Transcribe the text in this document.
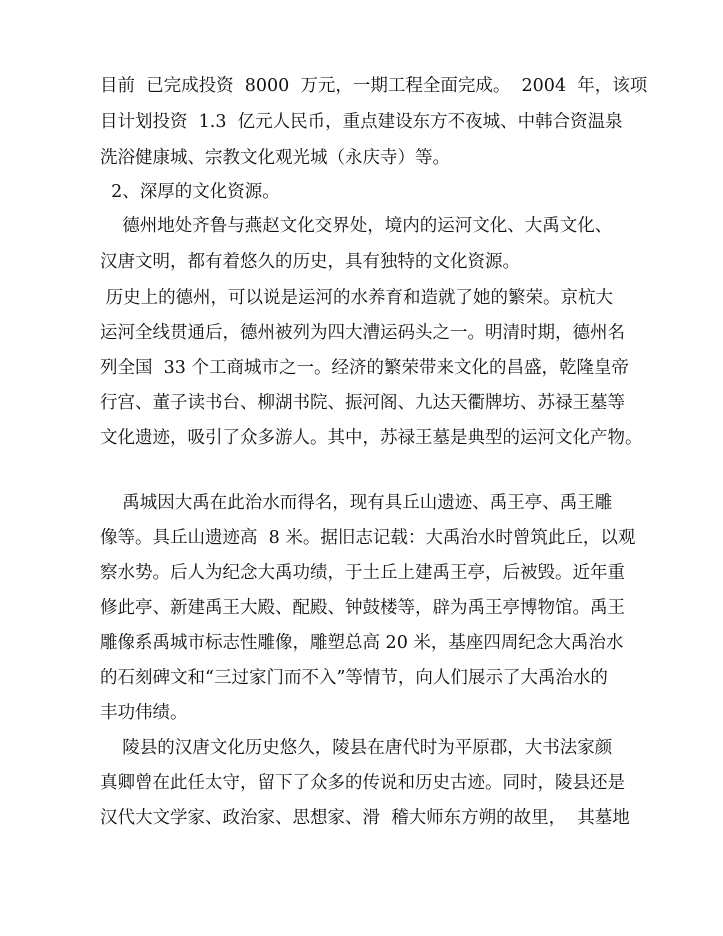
目前  已完成投资  8000  万元，一期工程全面完成。  2004  年，该项
目计划投资  1.3  亿元人民币，重点建设东方不夜城、中韩合资温泉
洗浴健康城、宗教文化观光城（永庆寺）等。
2、深厚的文化资源。
德州地处齐鲁与燕赵文化交界处，境内的运河文化、大禹文化、
汉唐文明，都有着悠久的历史，具有独特的文化资源。
历史上的德州，可以说是运河的水养育和造就了她的繁荣。京杭大
运河全线贯通后，德州被列为四大漕运码头之一。明清时期，德州名
列全国  33 个工商城市之一。经济的繁荣带来文化的昌盛，乾隆皇帝
行宫、董子读书台、柳湖书院、振河阁、九达天衢牌坊、苏禄王墓等
文化遗迹，吸引了众多游人。其中，苏禄王墓是典型的运河文化产物。
禹城因大禹在此治水而得名，现有具丘山遗迹、禹王亭、禹王雕
像等。具丘山遗迹高  8 米。据旧志记载：大禹治水时曾筑此丘，以观
察水势。后人为纪念大禹功绩，于土丘上建禹王亭，后被毁。近年重
修此亭、新建禹王大殿、配殿、钟鼓楼等，辟为禹王亭博物馆。禹王
雕像系禹城市标志性雕像，雕塑总高 20 米，基座四周纪念大禹治水
的石刻碑文和“三过家门而不入”等情节，向人们展示了大禹治水的
丰功伟绩。
陵县的汉唐文化历史悠久，陵县在唐代时为平原郡，大书法家颜
真卿曾在此任太守，留下了众多的传说和历史古迹。同时，陵县还是
汉代大文学家、政治家、思想家、滑  稽大师东方朔的故里，  其墓地
